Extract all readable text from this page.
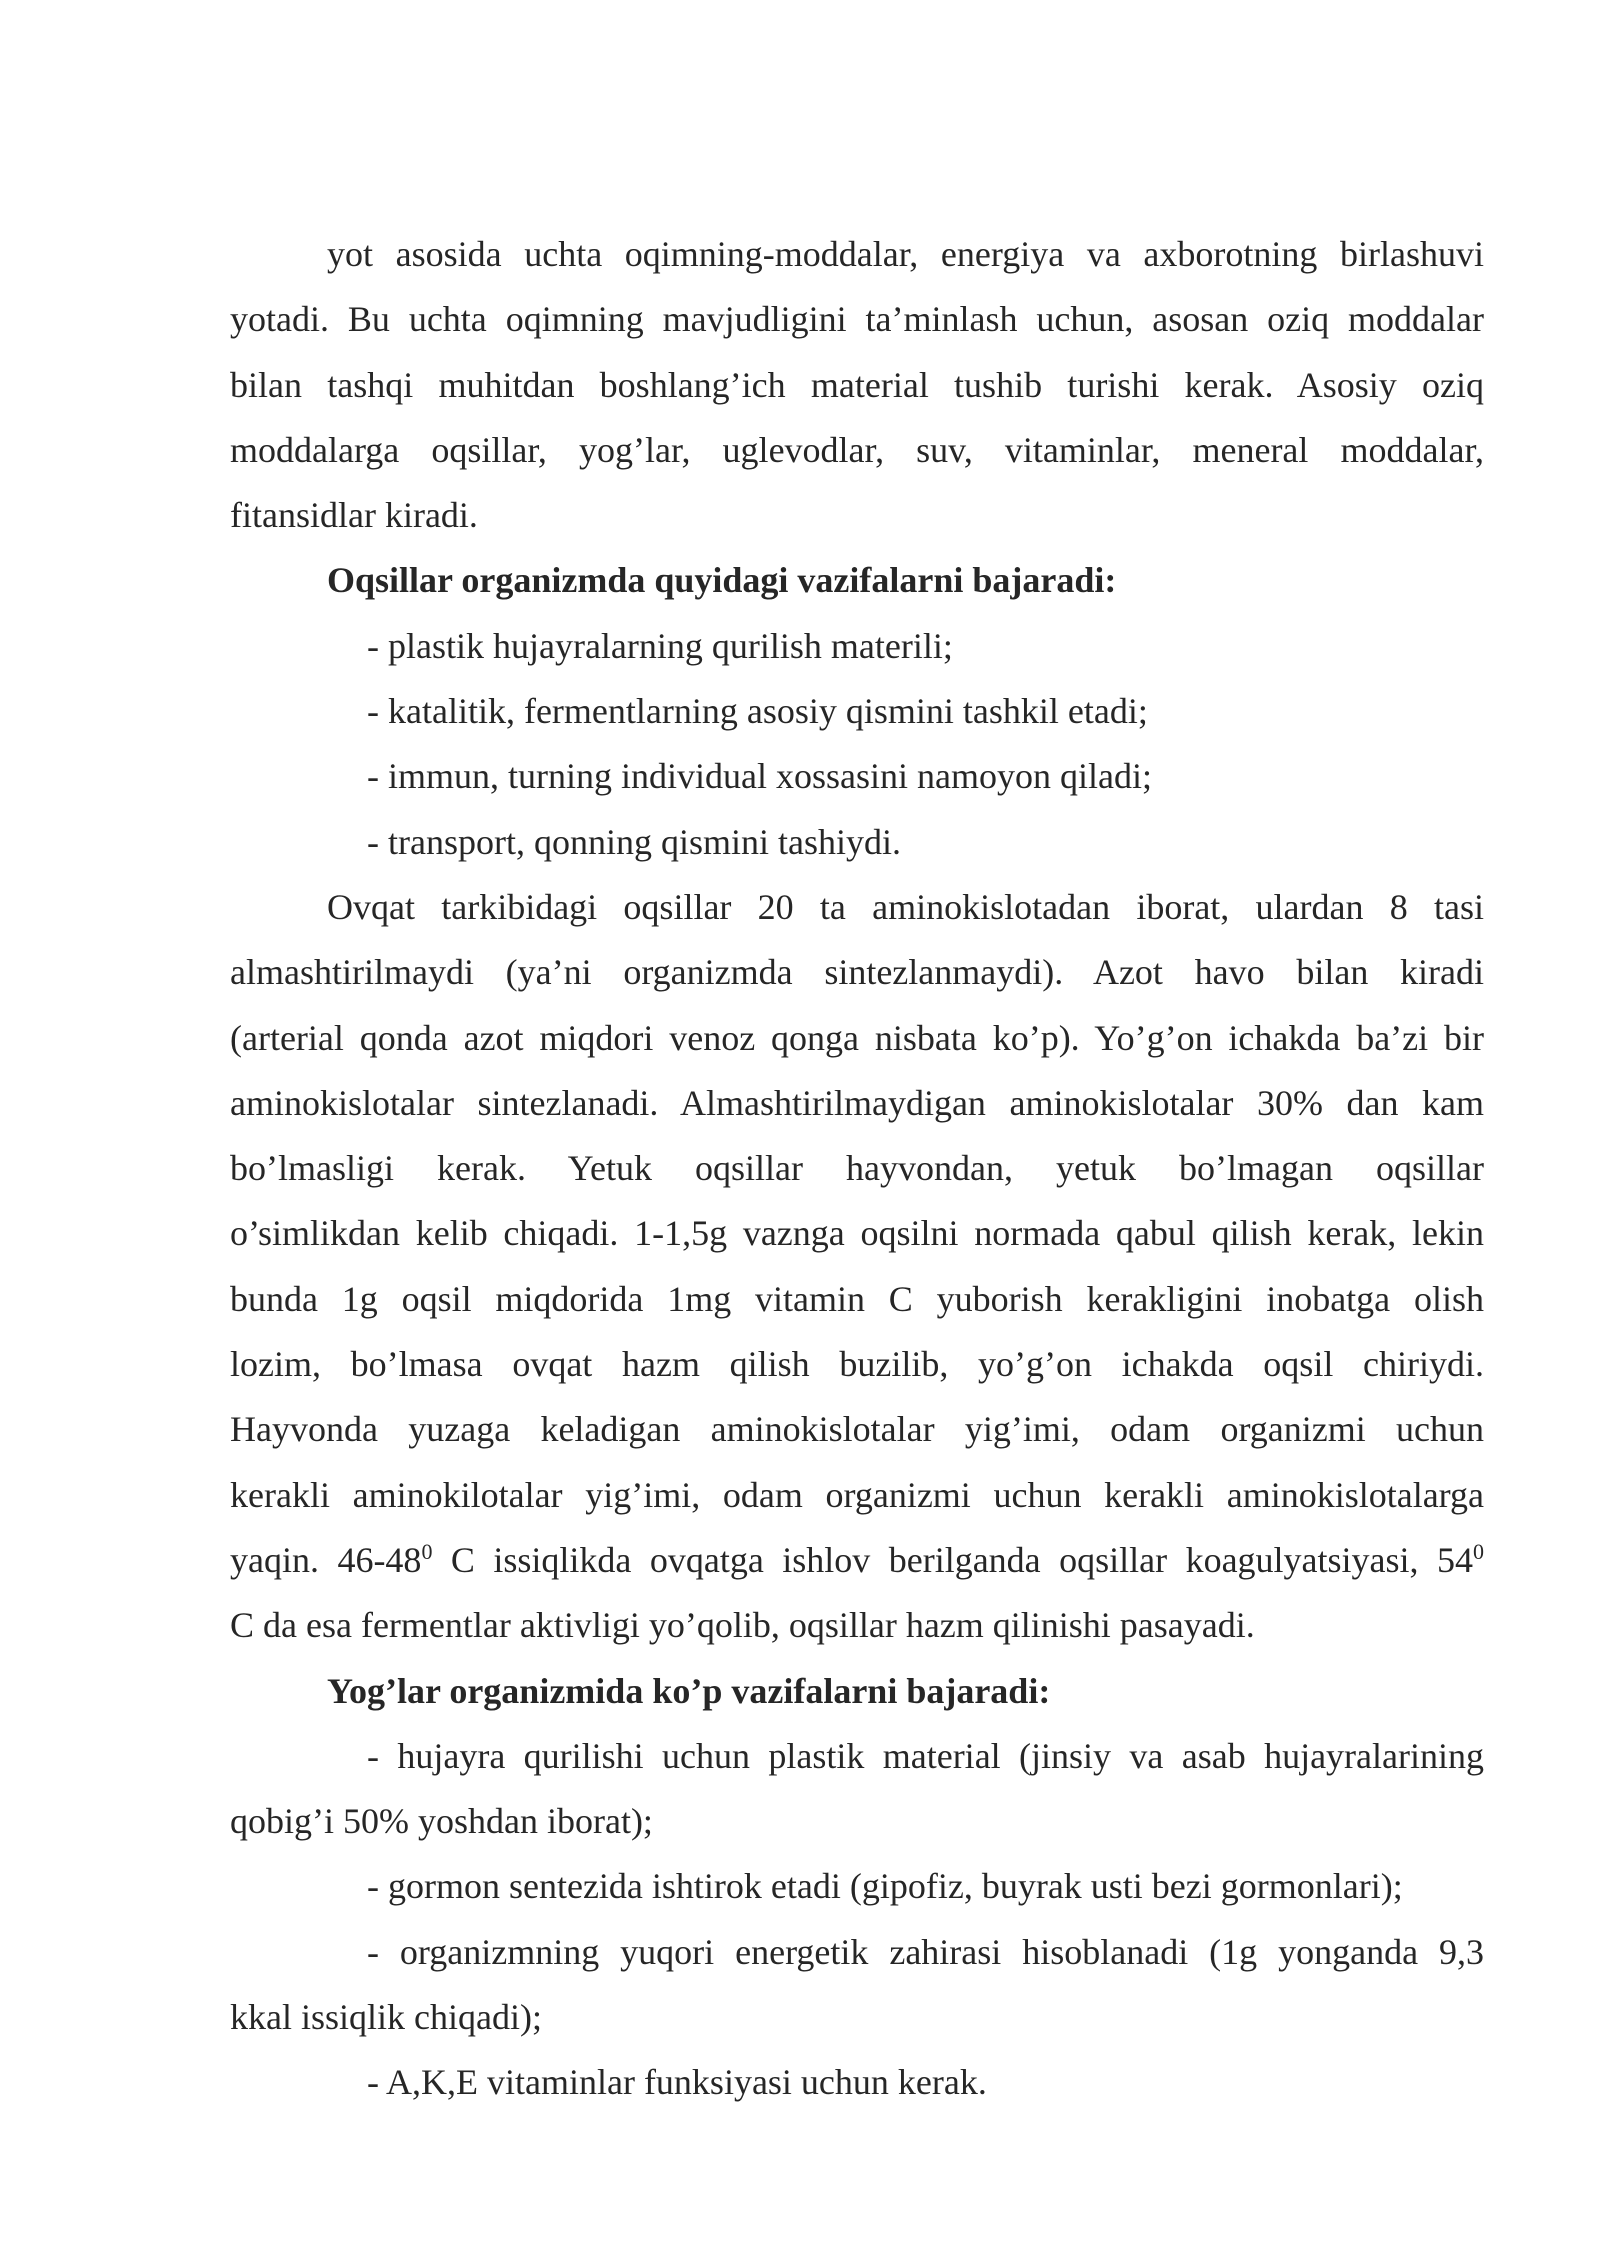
yot asosida uchta oqimning-moddalar, energiya va axborotning birlashuvi
yotadi. Bu uchta oqimning mavjudligini ta’minlash uchun, asosan oziq moddalar
bilan tashqi muhitdan boshlang’ich material tushib turishi kerak. Asosiy oziq
moddalarga oqsillar, yog’lar, uglevodlar, suv, vitaminlar, meneral moddalar,
fitansidlar kiradi.

Oqsillar organizmda quyidagi vazifalarni bajaradi:

- plastik hujayralarning qurilish materili;

- katalitik, fermentlarning asosiy qismini tashkil etadi;

- immun, turning individual xossasini namoyon qiladi;

- transport, qonning qismini tashiydi.

Ovqat tarkibidagi oqsillar 20 ta aminokislotadan iborat, ulardan 8 tasi
almashtirilmaydi (ya’ni organizmda sintezlanmaydi). Azot havo bilan kiradi
(arterial qonda azot miqdori venoz qonga nisbata ko’p). Yo’g’on ichakda ba’zi bir
aminokislotalar sintezlanadi. Almashtirilmaydigan aminokislotalar 30% dan kam
bo’lmasligi kerak. Yetuk oqsillar hayvondan, yetuk bo’lmagan oqsillar
o’simlikdan kelib chiqadi. 1-1,5g vaznga oqsilni normada qabul qilish kerak, lekin
bunda 1g oqsil miqdorida 1mg vitamin C yuborish kerakligini inobatga olish
lozim, bo’lmasa ovqat hazm qilish buzilib, yo’g’on ichakda oqsil chiriydi.
Hayvonda yuzaga keladigan aminokislotalar yig’imi, odam organizmi uchun
kerakli aminokilotalar yig’imi, odam organizmi uchun kerakli aminokislotalarga
yaqin. $46-48^0$ C issiqlikda ovqatga ishlov berilganda oqsillar koagulyatsiyasi, $54^0$
C da esa fermentlar aktivligi yo’qolib, oqsillar hazm qilinishi pasayadi.

Yog’lar organizmida ko’p vazifalarni bajaradi:

- hujayra qurilishi uchun plastik material (jinsiy va asab hujayralarining
qobig’i 50% yoshdan iborat);

- gormon sentezida ishtirok etadi (gipofiz, buyrak usti bezi gormonlari);

- organizmning yuqori energetik zahirasi hisoblanadi (1g yonganda 9,3
kkal issiqlik chiqadi);

- A,K,E vitaminlar funksiyasi uchun kerak.
